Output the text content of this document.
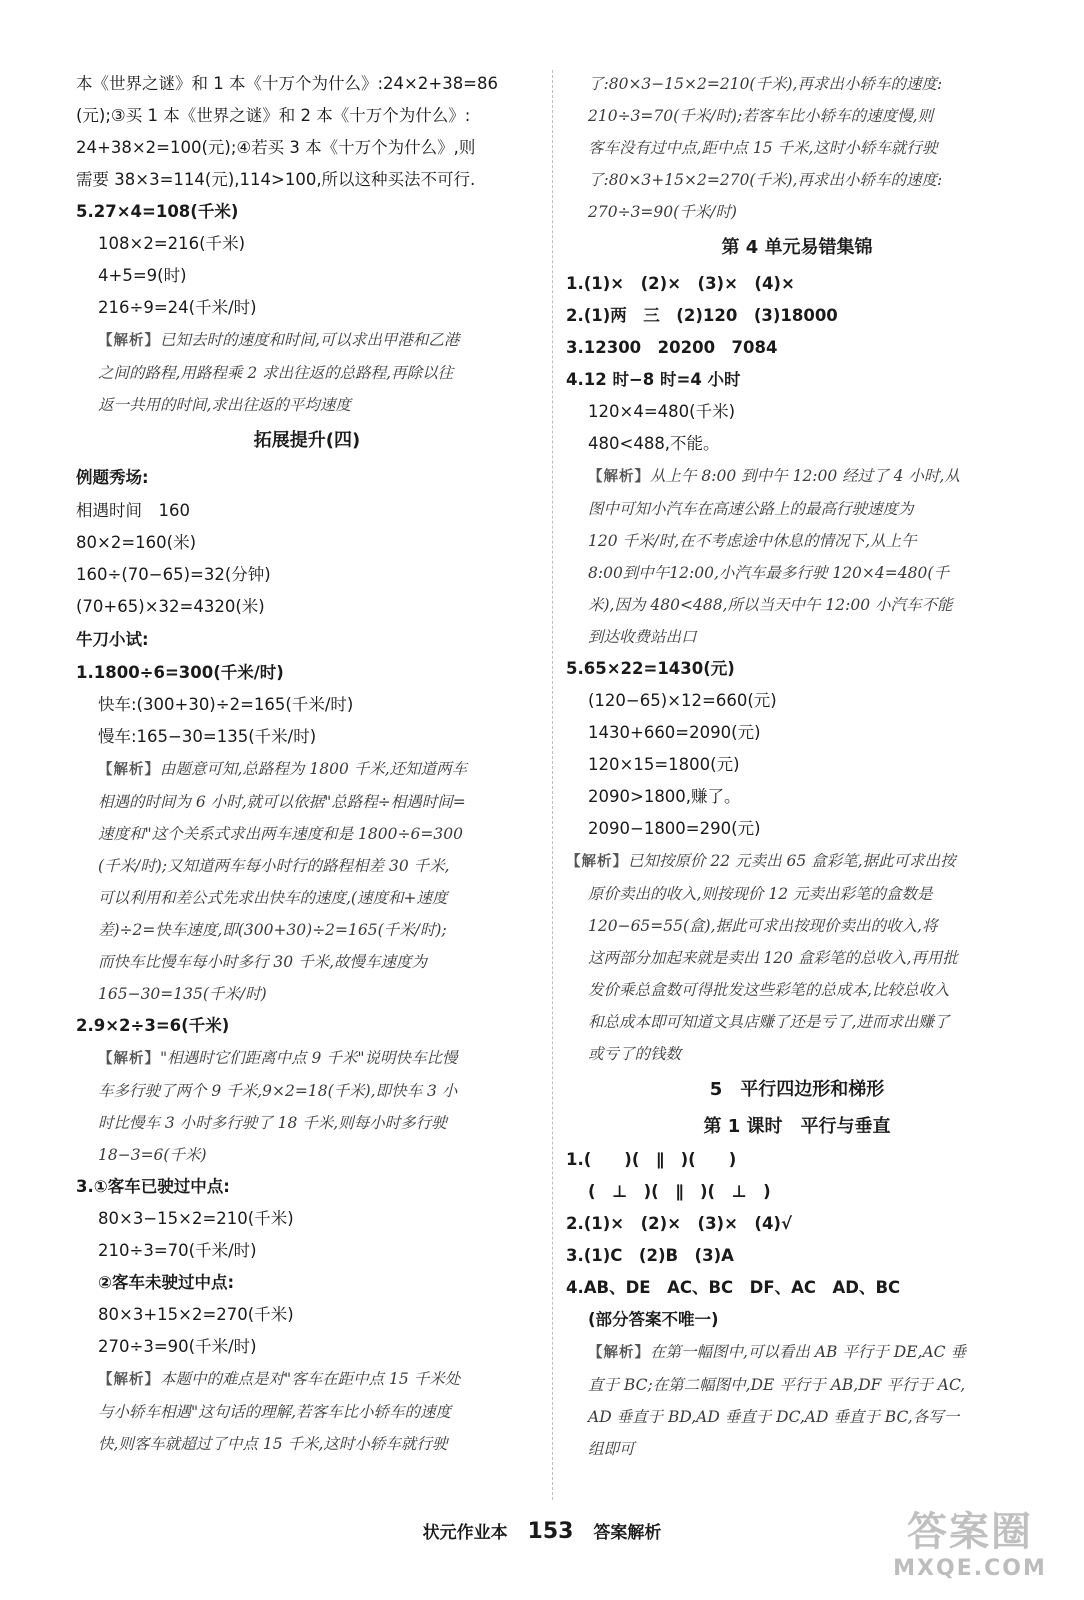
本《世界之谜》和 1 本《十万个为什么》:24×2+38=86
(元);③买 1 本《世界之谜》和 2 本《十万个为什么》:
24+38×2=100(元);④若买 3 本《十万个为什么》,则
需要 38×3=114(元),114>100,所以这种买法不可行.
5.27×4=108(千米)
108×2=216(千米)
4+5=9(时)
216÷9=24(千米/时)
【解析】已知去时的速度和时间,可以求出甲港和乙港
之间的路程,用路程乘 2 求出往返的总路程,再除以往
返一共用的时间,求出往返的平均速度
拓展提升(四)
例题秀场:
相遇时间　160
80×2=160(米)
160÷(70−65)=32(分钟)
(70+65)×32=4320(米)
牛刀小试:
1.1800÷6=300(千米/时)
快车:(300+30)÷2=165(千米/时)
慢车:165−30=135(千米/时)
【解析】由题意可知,总路程为 1800 千米,还知道两车
相遇的时间为 6 小时,就可以依据"总路程÷相遇时间=
速度和"这个关系式求出两车速度和是 1800÷6=300
(千米/时);又知道两车每小时行的路程相差 30 千米,
可以利用和差公式先求出快车的速度,(速度和+速度
差)÷2=快车速度,即(300+30)÷2=165(千米/时);
而快车比慢车每小时多行 30 千米,故慢车速度为
165−30=135(千米/时)
2.9×2÷3=6(千米)
【解析】"相遇时它们距离中点 9 千米"说明快车比慢
车多行驶了两个 9 千米,9×2=18(千米),即快车 3 小
时比慢车 3 小时多行驶了 18 千米,则每小时多行驶
18−3=6(千米)
3.①客车已驶过中点:
80×3−15×2=210(千米)
210÷3=70(千米/时)
②客车未驶过中点:
80×3+15×2=270(千米)
270÷3=90(千米/时)
【解析】本题中的难点是对"客车在距中点 15 千米处
与小轿车相遇"这句话的理解,若客车比小轿车的速度
快,则客车就超过了中点 15 千米,这时小轿车就行驶
了:80×3−15×2=210(千米),再求出小轿车的速度:
210÷3=70(千米/时);若客车比小轿车的速度慢,则
客车没有过中点,距中点 15 千米,这时小轿车就行驶
了:80×3+15×2=270(千米),再求出小轿车的速度:
270÷3=90(千米/时)
第 4 单元易错集锦
1.(1)×　(2)×　(3)×　(4)×
2.(1)两　三　(2)120　(3)18000
3.12300　20200　7084
4.12 时−8 时=4 小时
120×4=480(千米)
480<488,不能。
【解析】从上午 8:00 到中午 12:00 经过了 4 小时,从
图中可知小汽车在高速公路上的最高行驶速度为
120 千米/时,在不考虑途中休息的情况下,从上午
8:00到中午12:00,小汽车最多行驶 120×4=480(千
米),因为 480<488,所以当天中午 12:00 小汽车不能
到达收费站出口
5.65×22=1430(元)
(120−65)×12=660(元)
1430+660=2090(元)
120×15=1800(元)
2090>1800,赚了。
2090−1800=290(元)
【解析】已知按原价 22 元卖出 65 盒彩笔,据此可求出按
原价卖出的收入,则按现价 12 元卖出彩笔的盒数是
120−65=55(盒),据此可求出按现价卖出的收入,将
这两部分加起来就是卖出 120 盒彩笔的总收入,再用批
发价乘总盒数可得批发这些彩笔的总成本,比较总收入
和总成本即可知道文具店赚了还是亏了,进而求出赚了
或亏了的钱数
5　平行四边形和梯形
第 1 课时　平行与垂直
1.(　　)(　∥　)(　　)
(　⊥　)(　∥　)(　⊥　)
2.(1)×　(2)×　(3)×　(4)√
3.(1)C　(2)B　(3)A
4.AB、DE　AC、BC　DF、AC　AD、BC
(部分答案不唯一)
【解析】在第一幅图中,可以看出 AB 平行于 DE,AC 垂
直于 BC;在第二幅图中,DE 平行于 AB,DF 平行于 AC,
AD 垂直于 BD,AD 垂直于 DC,AD 垂直于 BC,各写一
组即可
状元作业本 153 答案解析	答案圈
MXQE.COM
